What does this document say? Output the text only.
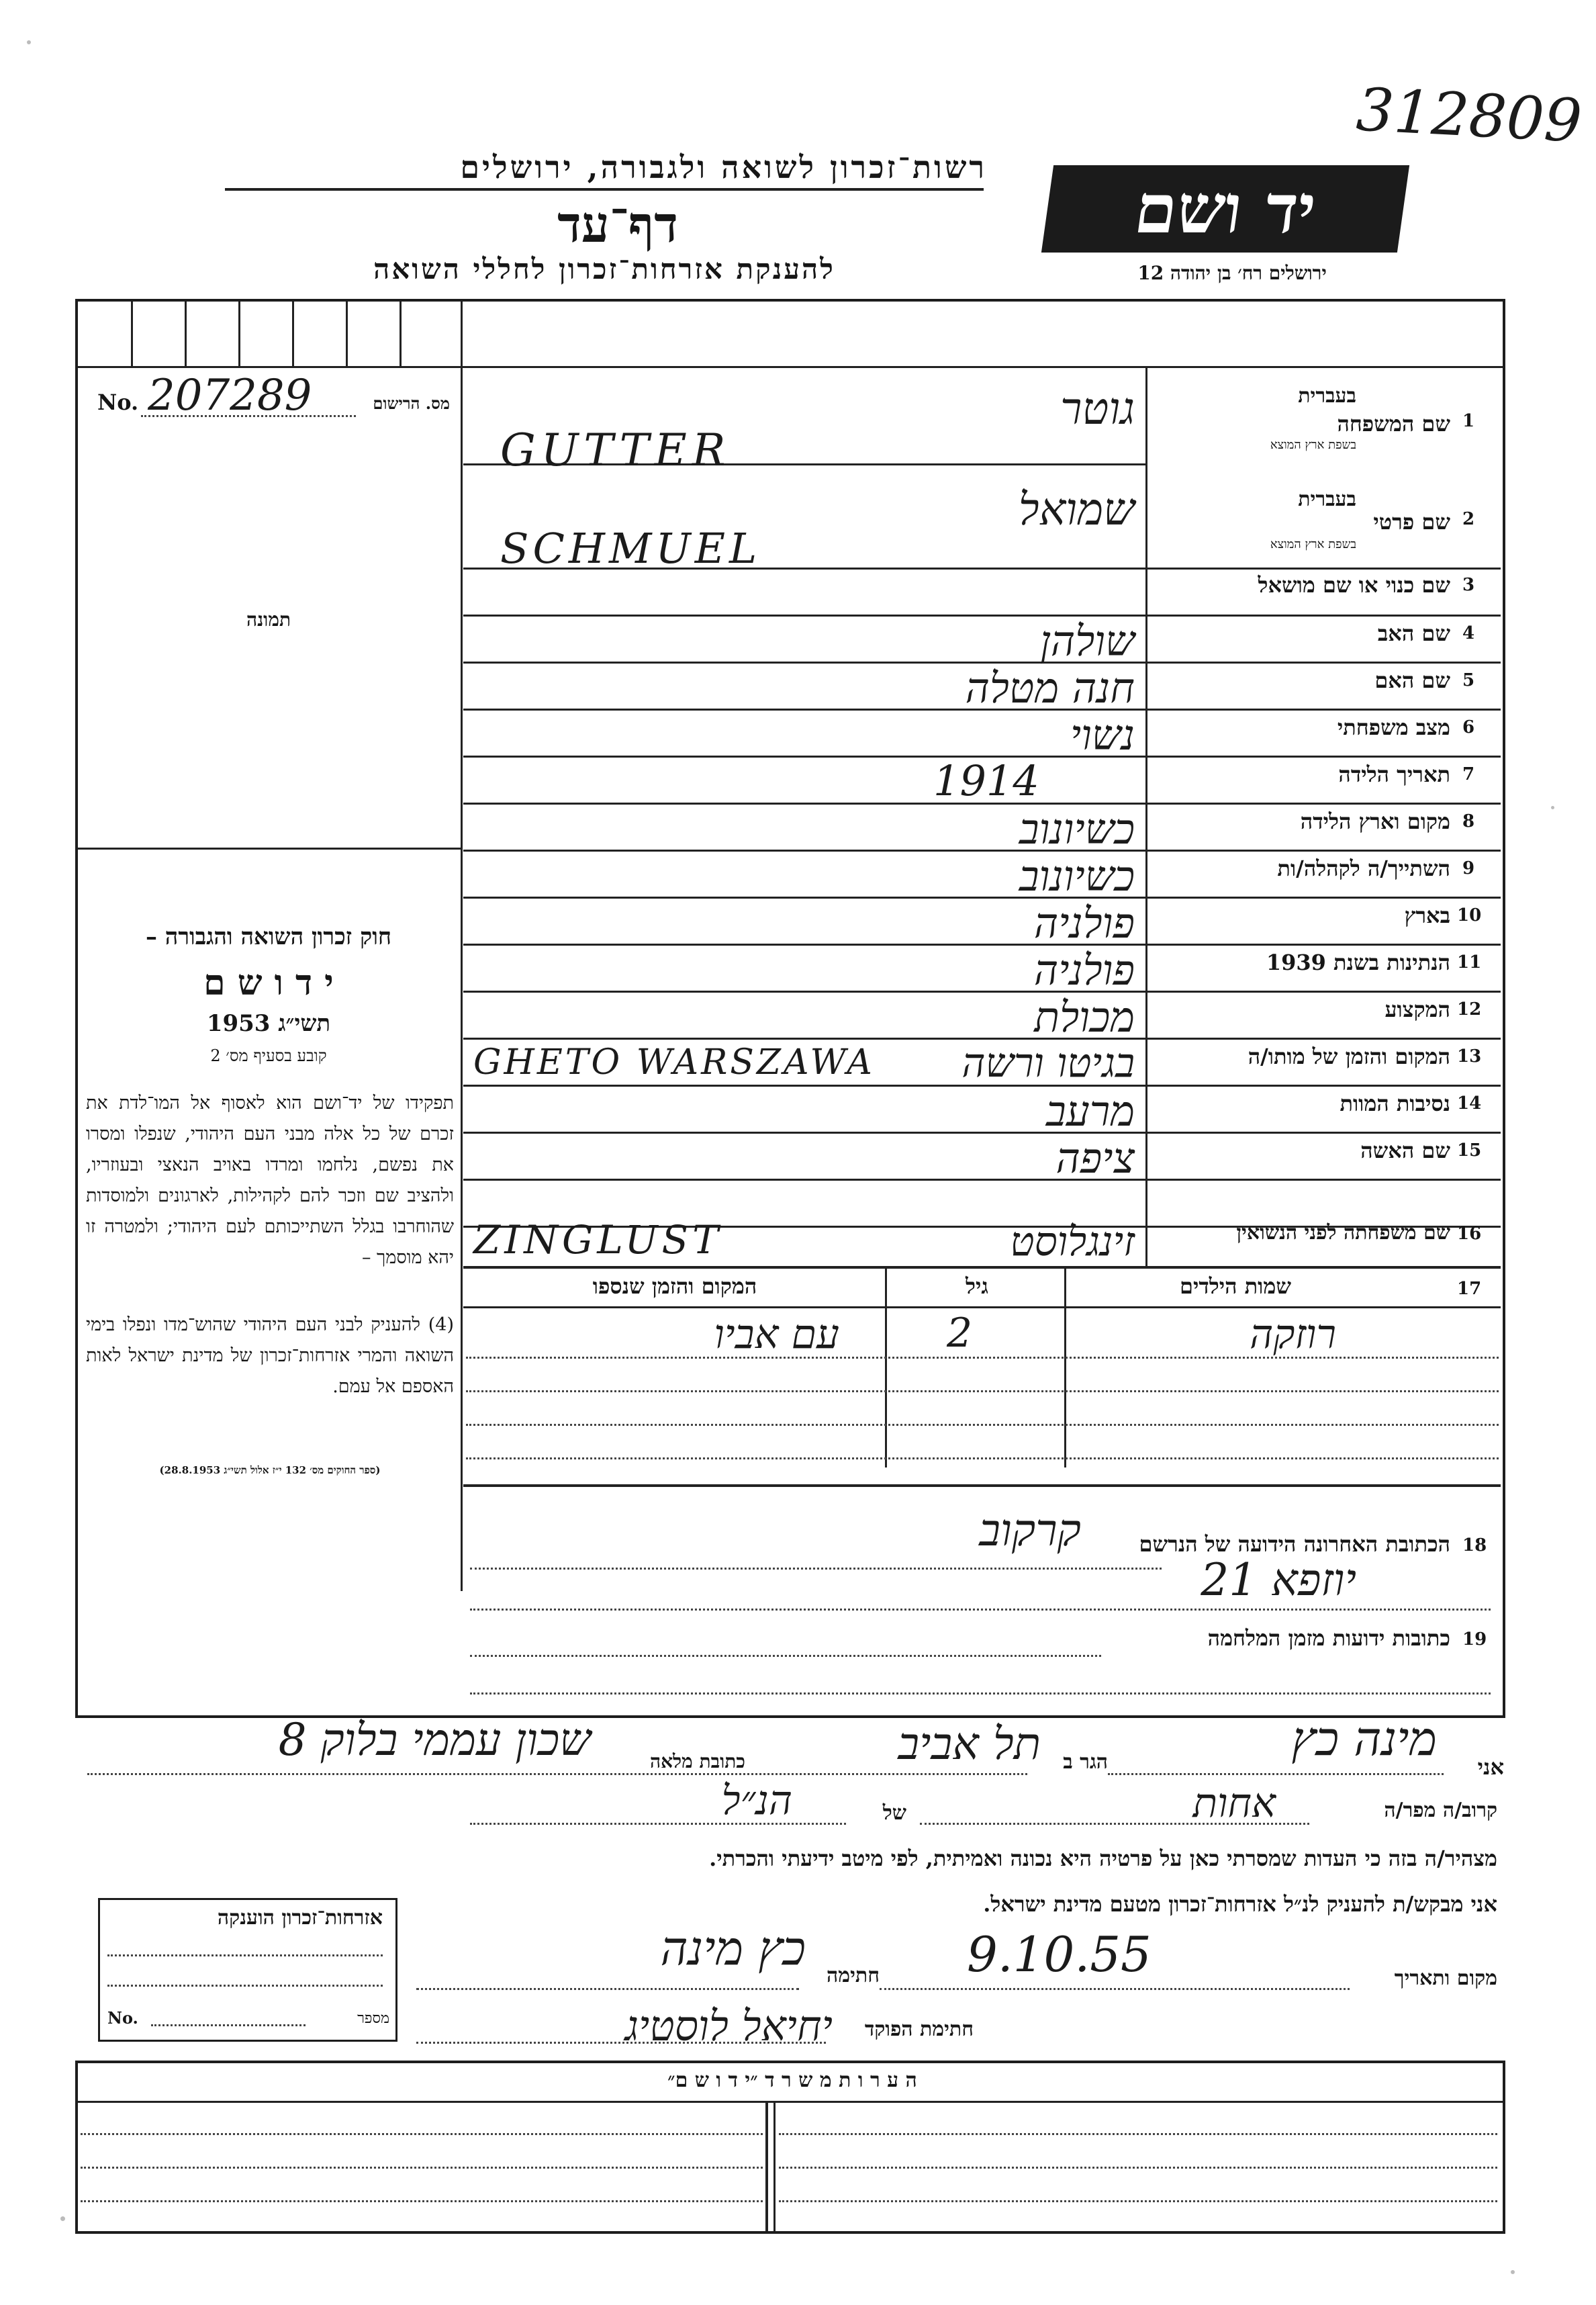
312809
רשות־זכרון לשואה ולגבורה, ירושלים
דף־עד
להענקת אזרחות־זכרון לחללי השואה
יד ושם
ירושלים רח׳ בן יהודה 12
No. 207289	מס. הרישום
תמונה
חוק זכרון השואה והגבורה –
י ד ו ש ם
תשי״ג 1953
קובע בסעיף מס׳ 2
תפקידו של יד־ושם הוא לאסוף אל המו־לדת את זכרם של כל אלה מבני העם היהודי, שנפלו ומסרו את נפשם, נלחמו ומרדו באויב הנאצי ובעוזריו, ולהציב שם וזכר להם לקהילות, לארגונים ולמוסדות שהוחרבו בגלל השתייכותם לעם היהודי; ולמטרה זו יהא מוסמך –
(4) להעניק לבני העם היהודי שהוש־מדו ונפלו בימי השואה והמרי אזרחות־זכרון של מדינת ישראל לאות האספם אל עמם.
(ספר החוקים מס׳ 132 י״ז אלול תשי״ג 28.8.1953)
בעברית
שם המשפחה 1
בשפת ארץ המוצא
גוטר
GUTTER
בעברית
שם פרטי 2
בשפת ארץ המוצא
שמואל
SCHMUEL
שם כנוי או שם מושאל 3
שם האב 4
שולהן
שם האם 5
חנה מטלה
מצב משפחתי 6
נשוי
תאריך הלידה 7
1914
מקום וארץ הלידה 8
כשיונוב
השתייך/ה לקהלה/ות 9
כשיונוב
בארץ 10
פולניה
הנתינות בשנת 1939 11
פולניה
המקצוע 12
מכולת
המקום והזמן של מותו/ה 13
בגיטו ורשה
GHETO WARSZAWA
נסיבות המוות 14
מרעב
שם האשה 15
ציפה
שם משפחתה לפני הנשואין 16
זינגלוסט
ZINGLUST
17
שמות הילדים
גיל
המקום והזמן שנספו
רוזקה
2
עם אביו
18
הכתובת האחרונה הידועה של הנרשם
קרקוב
יוזפא 21
19
כתובות ידועות מזמן המלחמה
אני
מינה כץ
הגר ב
תל אביב
כתובת מלאה
שכון עממי בלוק 8
קרוב/ה מפר/ה
אחות
של
הנ״ל
מצהיר/ה בזה כי העדות שמסרתי כאן על פרטיה היא נכונה ואמיתית, לפי מיטב ידיעתי והכרתי.
אני מבקש/ת להעניק לנ״ל אזרחות־זכרון מטעם מדינת ישראל.
אזרחות־זכרון הוענקה
No.	מספר
מקום ותאריך
9.10.55
חתימה
כץ מינה
חתימת הפוקד
יחיאל לוסטיג
ה ע ר ו ת מ ש ר ד ״י ד ו ש ם״
